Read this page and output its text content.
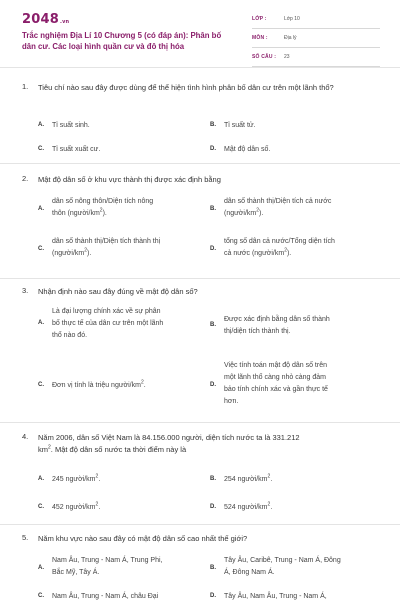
2048.vn
Trắc nghiệm Địa Lí 10 Chương 5 (có đáp án): Phân bố dân cư. Các loại hình quần cư và đô thị hóa
LỚP :	Lớp 10
MÔN :	Địa lý
SỐ CÂU : 23
1. Tiêu chí nào sau đây được dùng để thể hiện tình hình phân bố dân cư trên một lãnh thổ?
A. Tỉ suất sinh.	B. Tỉ suất tử.
C. Tỉ suất xuất cư.	D. Mật độ dân số.
2. Mật độ dân số ở khu vực thành thị được xác định bằng
A.
dân số nông thôn/Diện tích nông
thôn $(người/km^2)$.
B.
dân số thành thị/Diện tích cả nước
$(người/km^2)$.
C.
dân số thành thị/Diện tích thành thị
$(người/km^2)$.
D.
tổng số dân cả nước/Tổng diện tích
cả nước $(người/km^2)$.
3. Nhận định nào sau đây đúng về mật độ dân số?
A.
Là đại lượng chính xác về sự phân
bố thực tế của dân cư trên một lãnh
thổ nào đó.
B.
Được xác định bằng dân số thành
thị/diện tích thành thị.
C. Đơn vị tính là triệu người/$km^2$.	D.
Việc tính toán mật độ dân số trên
một lãnh thổ càng nhỏ càng đảm
bảo tính chính xác và gần thực tế
hơn.
4. Năm 2006, dân số Việt Nam là 84.156.000 người, diện tích nước ta là 331.212
$km^2$. Mật độ dân số nước ta thời điểm này là
A. 245 người/$km^2$.	B. 254 người/$km^2$.
C. 452 người/$km^2$.	D. 524 người/$km^2$.
5. Năm khu vực nào sau đây có mật độ dân số cao nhất thế giới?
A.
Nam Âu, Trung - Nam Á, Trung Phi,
Bắc Mỹ, Tây Á.
B.
Tây Âu, Caribê, Trung - Nam Á, Đông
Á, Đông Nam Á.
C. Nam Âu, Trung - Nam Á, châu Đại	D. Tây Âu, Nam Âu, Trung - Nam Á,
